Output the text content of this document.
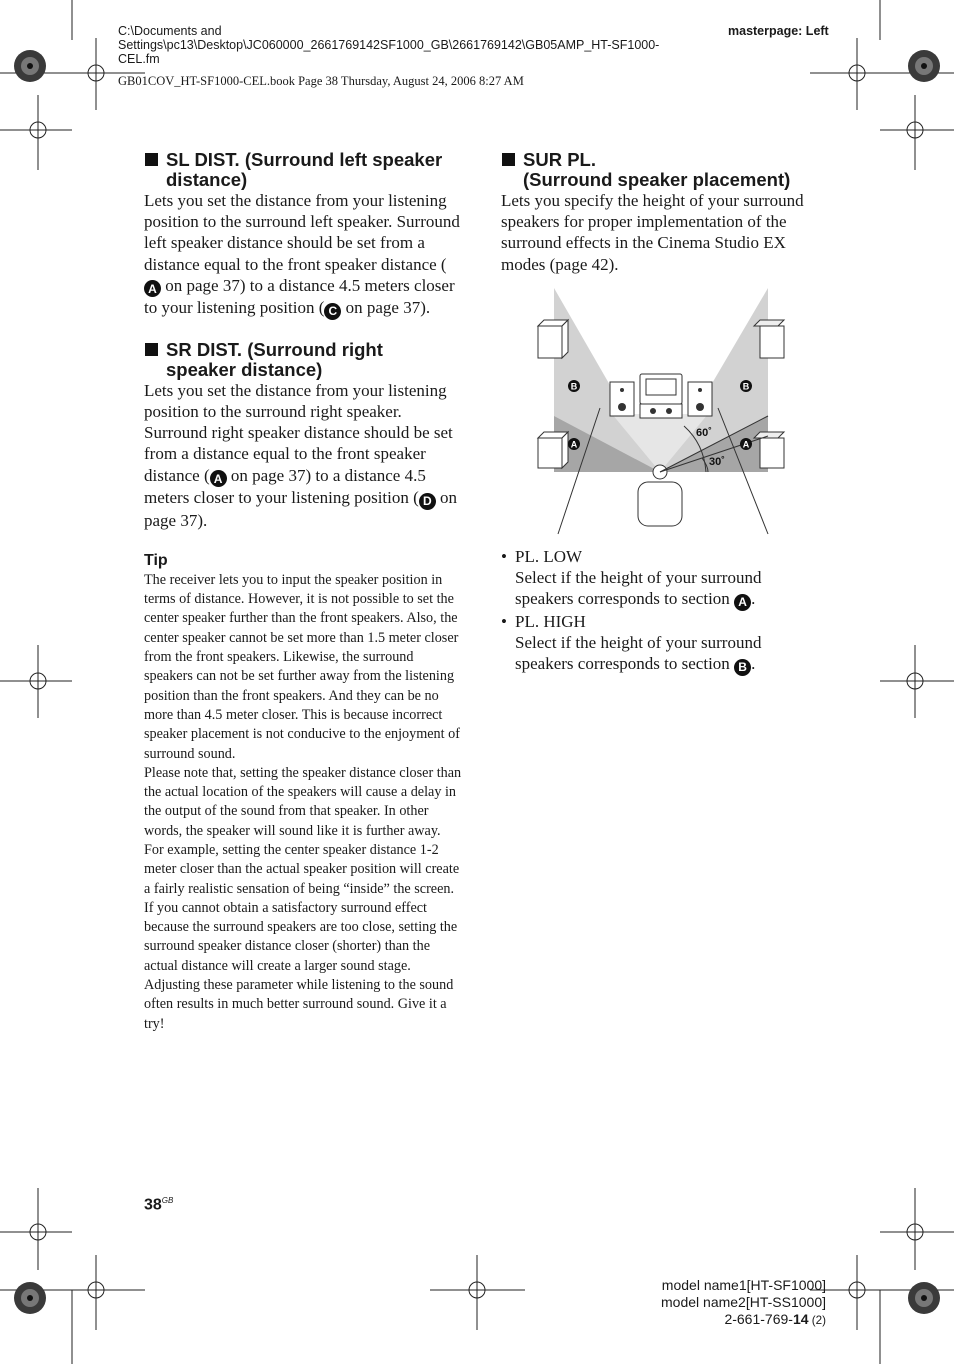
C:\Documents and
Settings\pc13\Desktop\JC060000_2661769142SF1000_GB\2661769142\GB05AMP_HT-SF1000-
CEL.fm
masterpage: Left
GB01COV_HT-SF1000-CEL.book Page 38 Thursday, August 24, 2006 8:27 AM
SL DIST. (Surround left speaker
distance)

Lets you set the distance from your listening position to the surround left speaker. Surround left speaker distance should be set from a distance equal to the front speaker distance (A on page 37) to a distance 4.5 meters closer to your listening position ( C on page 37).

SR DIST. (Surround right
speaker distance)

Lets you set the distance from your listening position to the surround right speaker. Surround right speaker distance should be set from a distance equal to the front speaker distance ( A on page 37) to a distance 4.5 meters closer to your listening position ( D on page 37).

Tip

The receiver lets you to input the speaker position in terms of distance. However, it is not possible to set the center speaker further than the front speakers. Also, the center speaker cannot be set more than 1.5 meter closer from the front speakers. Likewise, the surround speakers can not be set further away from the listening position than the front speakers. And they can be no more than 4.5 meter closer. This is because incorrect speaker placement is not conducive to the enjoyment of surround sound.

Please note that, setting the speaker distance closer than the actual location of the speakers will cause a delay in the output of the sound from that speaker. In other words, the speaker will sound like it is further away.

For example, setting the center speaker distance 1-2 meter closer than the actual speaker position will create a fairly realistic sensation of being “inside” the screen. If you cannot obtain a satisfactory surround effect because the surround speakers are too close, setting the surround speaker distance closer (shorter) than the actual distance will create a larger sound stage.

Adjusting these parameter while listening to the sound often results in much better surround sound. Give it a try!

SUR PL.
(Surround speaker placement)

Lets you specify the height of your surround speakers for proper implementation of the surround effects in the Cinema Studio EX modes (page 42).

B	B
A	A
60˚
30˚
• PL. LOW
Select if the height of your surround speakers corresponds to section A .
• PL. HIGH
Select if the height of your surround speakers corresponds to section B .
$38^{GB}$
model name1[HT-SF1000]
model name2[HT-SS1000]
2-661-769-14 (2)
